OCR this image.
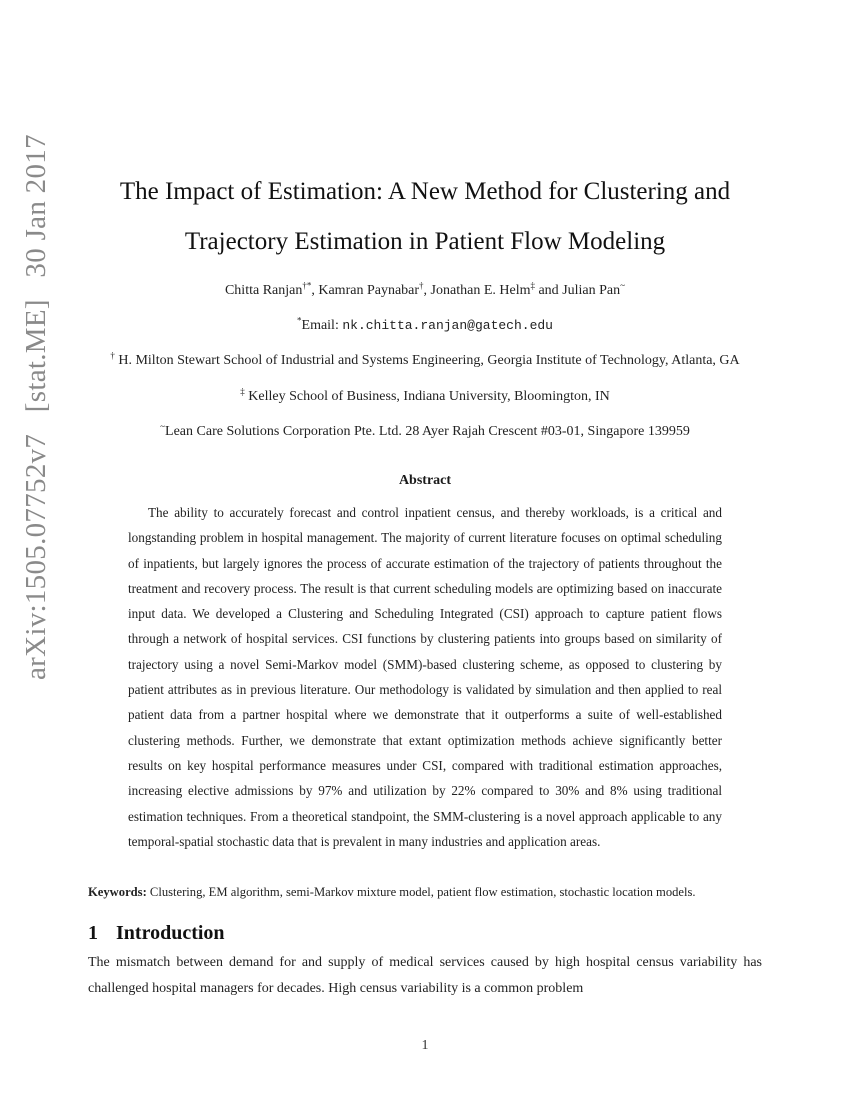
arXiv:1505.07752v7 [stat.ME] 30 Jan 2017	The Impact of Estimation: A New Method for Clustering and
Trajectory Estimation in Patient Flow Modeling
Chitta Ranjan†*, Kamran Paynabar†, Jonathan E. Helm‡ and Julian Pan~
*Email: nk.chitta.ranjan@gatech.edu
† H. Milton Stewart School of Industrial and Systems Engineering, Georgia Institute of Technology, Atlanta, GA
‡ Kelley School of Business, Indiana University, Bloomington, IN
~Lean Care Solutions Corporation Pte. Ltd. 28 Ayer Rajah Crescent #03-01, Singapore 139959
Abstract
The ability to accurately forecast and control inpatient census, and thereby workloads, is a critical and longstanding problem in hospital management. The majority of current literature focuses on optimal scheduling of inpatients, but largely ignores the process of accurate estimation of the trajectory of patients throughout the treatment and recovery process. The result is that current scheduling models are optimizing based on inaccurate input data. We developed a Clustering and Scheduling Integrated (CSI) approach to capture patient flows through a network of hospital services. CSI functions by clustering patients into groups based on similarity of trajectory using a novel Semi-Markov model (SMM)-based clustering scheme, as opposed to clustering by patient attributes as in previous literature. Our methodology is validated by simulation and then applied to real patient data from a partner hospital where we demonstrate that it outperforms a suite of well-established clustering methods. Further, we demonstrate that extant optimization methods achieve significantly better results on key hospital performance measures under CSI, compared with traditional estimation approaches, increasing elective admissions by 97% and utilization by 22% compared to 30% and 8% using traditional estimation techniques. From a theoretical standpoint, the SMM-clustering is a novel approach applicable to any temporal-spatial stochastic data that is prevalent in many industries and application areas.
Keywords: Clustering, EM algorithm, semi-Markov mixture model, patient flow estimation, stochastic location models.
1 Introduction
The mismatch between demand for and supply of medical services caused by high hospital census variability has challenged hospital managers for decades. High census variability is a common problem
1
